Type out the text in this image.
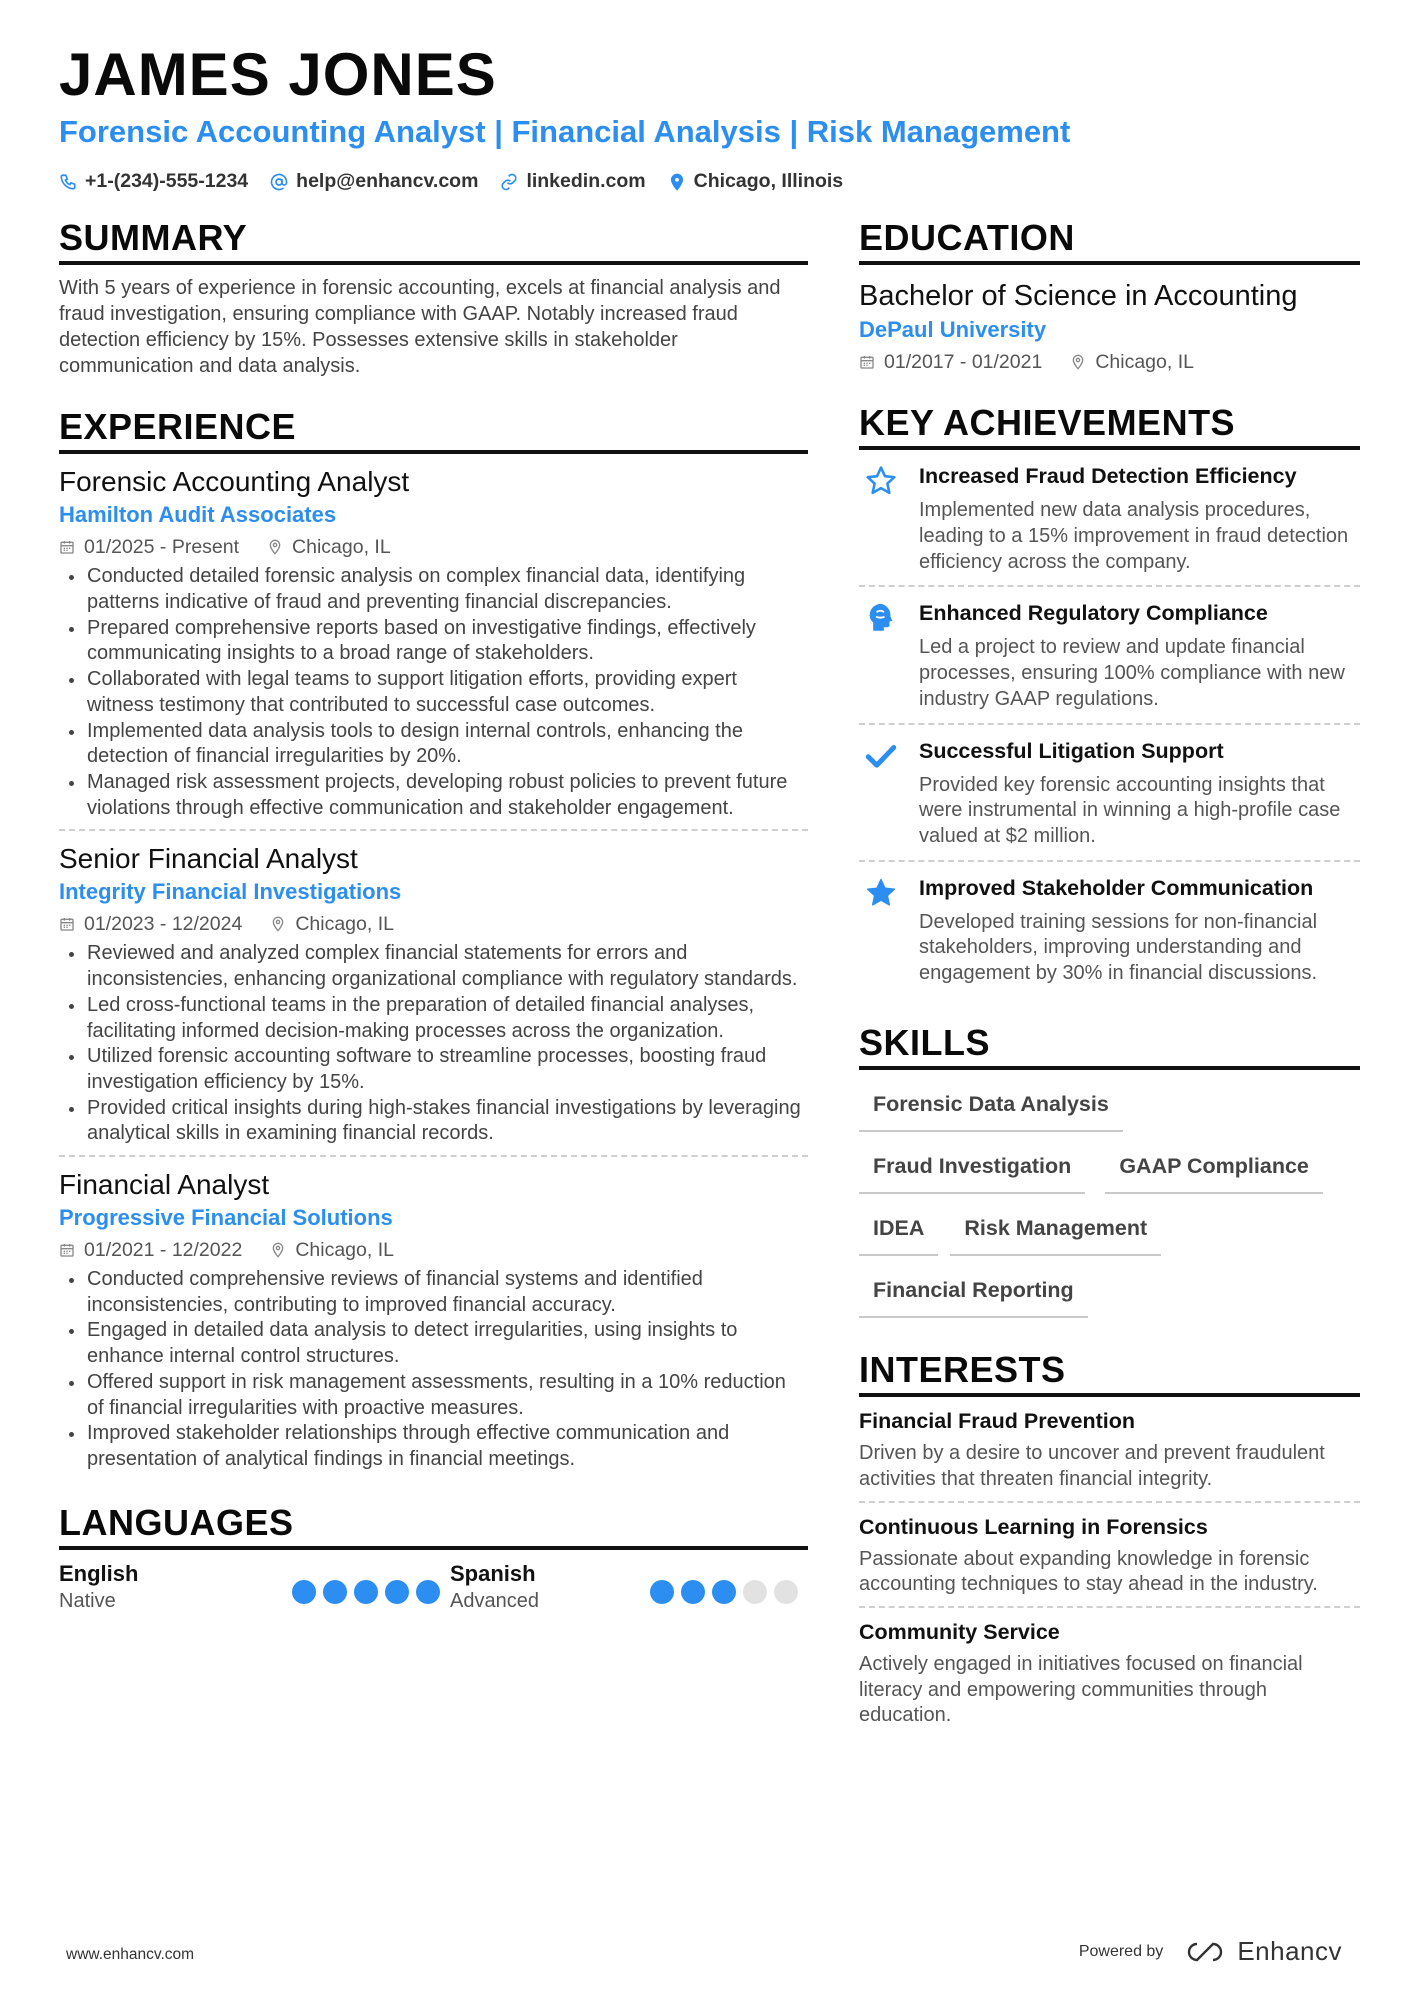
JAMES JONES
Forensic Accounting Analyst | Financial Analysis | Risk Management
+1-(234)-555-1234 help@enhancv.com linkedin.com Chicago, Illinois
SUMMARY
With 5 years of experience in forensic accounting, excels at financial analysis and fraud investigation, ensuring compliance with GAAP. Notably increased fraud detection efficiency by 15%. Possesses extensive skills in stakeholder communication and data analysis.
EXPERIENCE
Forensic Accounting Analyst
Hamilton Audit Associates
01/2025 - Present	Chicago, IL
Conducted detailed forensic analysis on complex financial data, identifying patterns indicative of fraud and preventing financial discrepancies.
Prepared comprehensive reports based on investigative findings, effectively communicating insights to a broad range of stakeholders.
Collaborated with legal teams to support litigation efforts, providing expert witness testimony that contributed to successful case outcomes.
Implemented data analysis tools to design internal controls, enhancing the detection of financial irregularities by 20%.
Managed risk assessment projects, developing robust policies to prevent future violations through effective communication and stakeholder engagement.
Senior Financial Analyst
Integrity Financial Investigations
01/2023 - 12/2024	Chicago, IL
Reviewed and analyzed complex financial statements for errors and inconsistencies, enhancing organizational compliance with regulatory standards.
Led cross-functional teams in the preparation of detailed financial analyses, facilitating informed decision-making processes across the organization.
Utilized forensic accounting software to streamline processes, boosting fraud investigation efficiency by 15%.
Provided critical insights during high-stakes financial investigations by leveraging analytical skills in examining financial records.
Financial Analyst
Progressive Financial Solutions
01/2021 - 12/2022	Chicago, IL
Conducted comprehensive reviews of financial systems and identified inconsistencies, contributing to improved financial accuracy.
Engaged in detailed data analysis to detect irregularities, using insights to enhance internal control structures.
Offered support in risk management assessments, resulting in a 10% reduction of financial irregularities with proactive measures.
Improved stakeholder relationships through effective communication and presentation of analytical findings in financial meetings.
LANGUAGES
English
Native
Spanish
Advanced
EDUCATION
Bachelor of Science in Accounting
DePaul University
01/2017 - 01/2021	Chicago, IL
KEY ACHIEVEMENTS
Increased Fraud Detection Efficiency
Implemented new data analysis procedures, leading to a 15% improvement in fraud detection efficiency across the company.
Enhanced Regulatory Compliance
Led a project to review and update financial processes, ensuring 100% compliance with new industry GAAP regulations.
Successful Litigation Support
Provided key forensic accounting insights that were instrumental in winning a high-profile case valued at $2 million.
Improved Stakeholder Communication
Developed training sessions for non-financial stakeholders, improving understanding and engagement by 30% in financial discussions.
SKILLS
Forensic Data Analysis
Fraud Investigation	GAAP Compliance
IDEA	Risk Management
Financial Reporting
INTERESTS
Financial Fraud Prevention
Driven by a desire to uncover and prevent fraudulent activities that threaten financial integrity.
Continuous Learning in Forensics
Passionate about expanding knowledge in forensic accounting techniques to stay ahead in the industry.
Community Service
Actively engaged in initiatives focused on financial literacy and empowering communities through education.
www.enhancv.com	Powered by	Enhancv
